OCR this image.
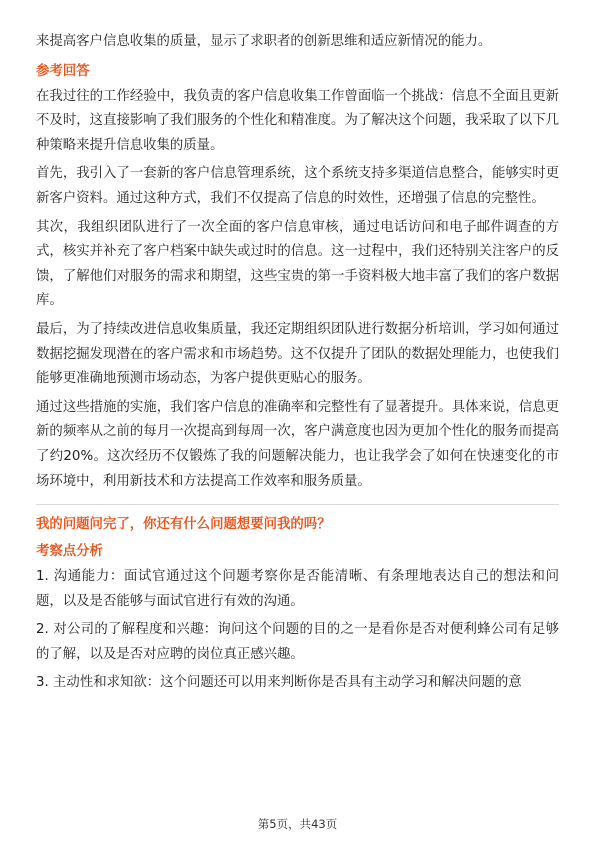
来提高客户信息收集的质量，显示了求职者的创新思维和适应新情况的能力。

参考回答

在我过往的工作经验中，我负责的客户信息收集工作曾面临一个挑战：信息不全面且更新不及时，这直接影响了我们服务的个性化和精准度。为了解决这个问题，我采取了以下几种策略来提升信息收集的质量。

首先，我引入了一套新的客户信息管理系统，这个系统支持多渠道信息整合，能够实时更新客户资料。通过这种方式，我们不仅提高了信息的时效性，还增强了信息的完整性。

其次，我组织团队进行了一次全面的客户信息审核，通过电话访问和电子邮件调查的方式，核实并补充了客户档案中缺失或过时的信息。这一过程中，我们还特别关注客户的反馈，了解他们对服务的需求和期望，这些宝贵的第一手资料极大地丰富了我们的客户数据库。

最后，为了持续改进信息收集质量，我还定期组织团队进行数据分析培训，学习如何通过数据挖掘发现潜在的客户需求和市场趋势。这不仅提升了团队的数据处理能力，也使我们能够更准确地预测市场动态，为客户提供更贴心的服务。

通过这些措施的实施，我们客户信息的准确率和完整性有了显著提升。具体来说，信息更新的频率从之前的每月一次提高到每周一次，客户满意度也因为更加个性化的服务而提高了约20%。这次经历不仅锻炼了我的问题解决能力，也让我学会了如何在快速变化的市场环境中，利用新技术和方法提高工作效率和服务质量。

我的问题问完了，你还有什么问题想要问我的吗？
考察点分析

1. 沟通能力：面试官通过这个问题考察你是否能清晰、有条理地表达自己的想法和问题，以及是否能够与面试官进行有效的沟通。

2. 对公司的了解程度和兴趣：询问这个问题的目的之一是看你是否对便利蜂公司有足够的了解，以及是否对应聘的岗位真正感兴趣。

3. 主动性和求知欲：这个问题还可以用来判断你是否具有主动学习和解决问题的意

第5页，共43页
